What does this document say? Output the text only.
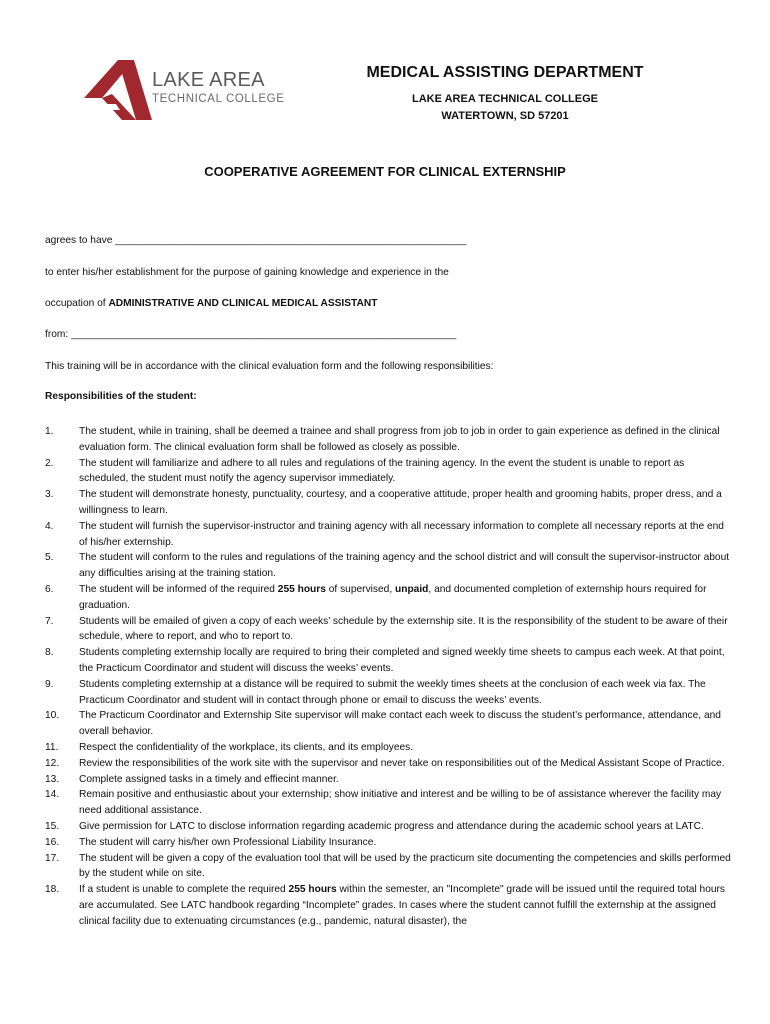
LAKE AREA
TECHNICAL COLLEGE
MEDICAL ASSISTING DEPARTMENT
LAKE AREA TECHNICAL COLLEGE
WATERTOWN, SD 57201
COOPERATIVE AGREEMENT FOR CLINICAL EXTERNSHIP
agrees to have ______________________________________________________________
to enter his/her establishment for the purpose of gaining knowledge and experience in the
occupation of ADMINISTRATIVE AND CLINICAL MEDICAL ASSISTANT
from: ____________________________________________________________________
This training will be in accordance with the clinical evaluation form and the following responsibilities:
Responsibilities of the student:
1.	The student, while in training, shall be deemed a trainee and shall progress from job to job in order to gain experience as defined in the clinical evaluation form. The clinical evaluation form shall be followed as closely as possible.
2.	The student will familiarize and adhere to all rules and regulations of the training agency. In the event the student is unable to report as scheduled, the student must notify the agency supervisor immediately.
3.	The student will demonstrate honesty, punctuality, courtesy, and a cooperative attitude, proper health and grooming habits, proper dress, and a willingness to learn.
4.	The student will furnish the supervisor-instructor and training agency with all necessary information to complete all necessary reports at the end of his/her externship.
5.	The student will conform to the rules and regulations of the training agency and the school district and will consult the supervisor-instructor about any difficulties arising at the training station.
6.	The student will be informed of the required 255 hours of supervised, unpaid, and documented completion of externship hours required for graduation.
7.	Students will be emailed of given a copy of each weeks’ schedule by the externship site. It is the responsibility of the student to be aware of their schedule, where to report, and who to report to.
8.	Students completing externship locally are required to bring their completed and signed weekly time sheets to campus each week. At that point, the Practicum Coordinator and student will discuss the weeks’ events.
9.	Students completing externship at a distance will be required to submit the weekly times sheets at the conclusion of each week via fax. The Practicum Coordinator and student will in contact through phone or email to discuss the weeks’ events.
10. The Practicum Coordinator and Externship Site supervisor will make contact each week to discuss the student’s performance, attendance, and overall behavior.
11. Respect the confidentiality of the workplace, its clients, and its employees.
12. Review the responsibilities of the work site with the supervisor and never take on responsibilities out of the Medical Assistant Scope of Practice.
13. Complete assigned tasks in a timely and effiecint manner.
14. Remain positive and enthusiastic about your externship; show initiative and interest and be willing to be of assistance wherever the facility may need additional assistance.
15. Give permission for LATC to disclose information regarding academic progress and attendance during the academic school years at LATC.
16. The student will carry his/her own Professional Liability Insurance.
17. The student will be given a copy of the evaluation tool that will be used by the practicum site documenting the competencies and skills performed by the student while on site.
18. If a student is unable to complete the required 255 hours within the semester, an "Incomplete" grade will be issued until the required total hours are accumulated. See LATC handbook regarding “Incomplete” grades. In cases where the student cannot fulfill the externship at the assigned clinical facility due to extenuating circumstances (e.g., pandemic, natural disaster), the
